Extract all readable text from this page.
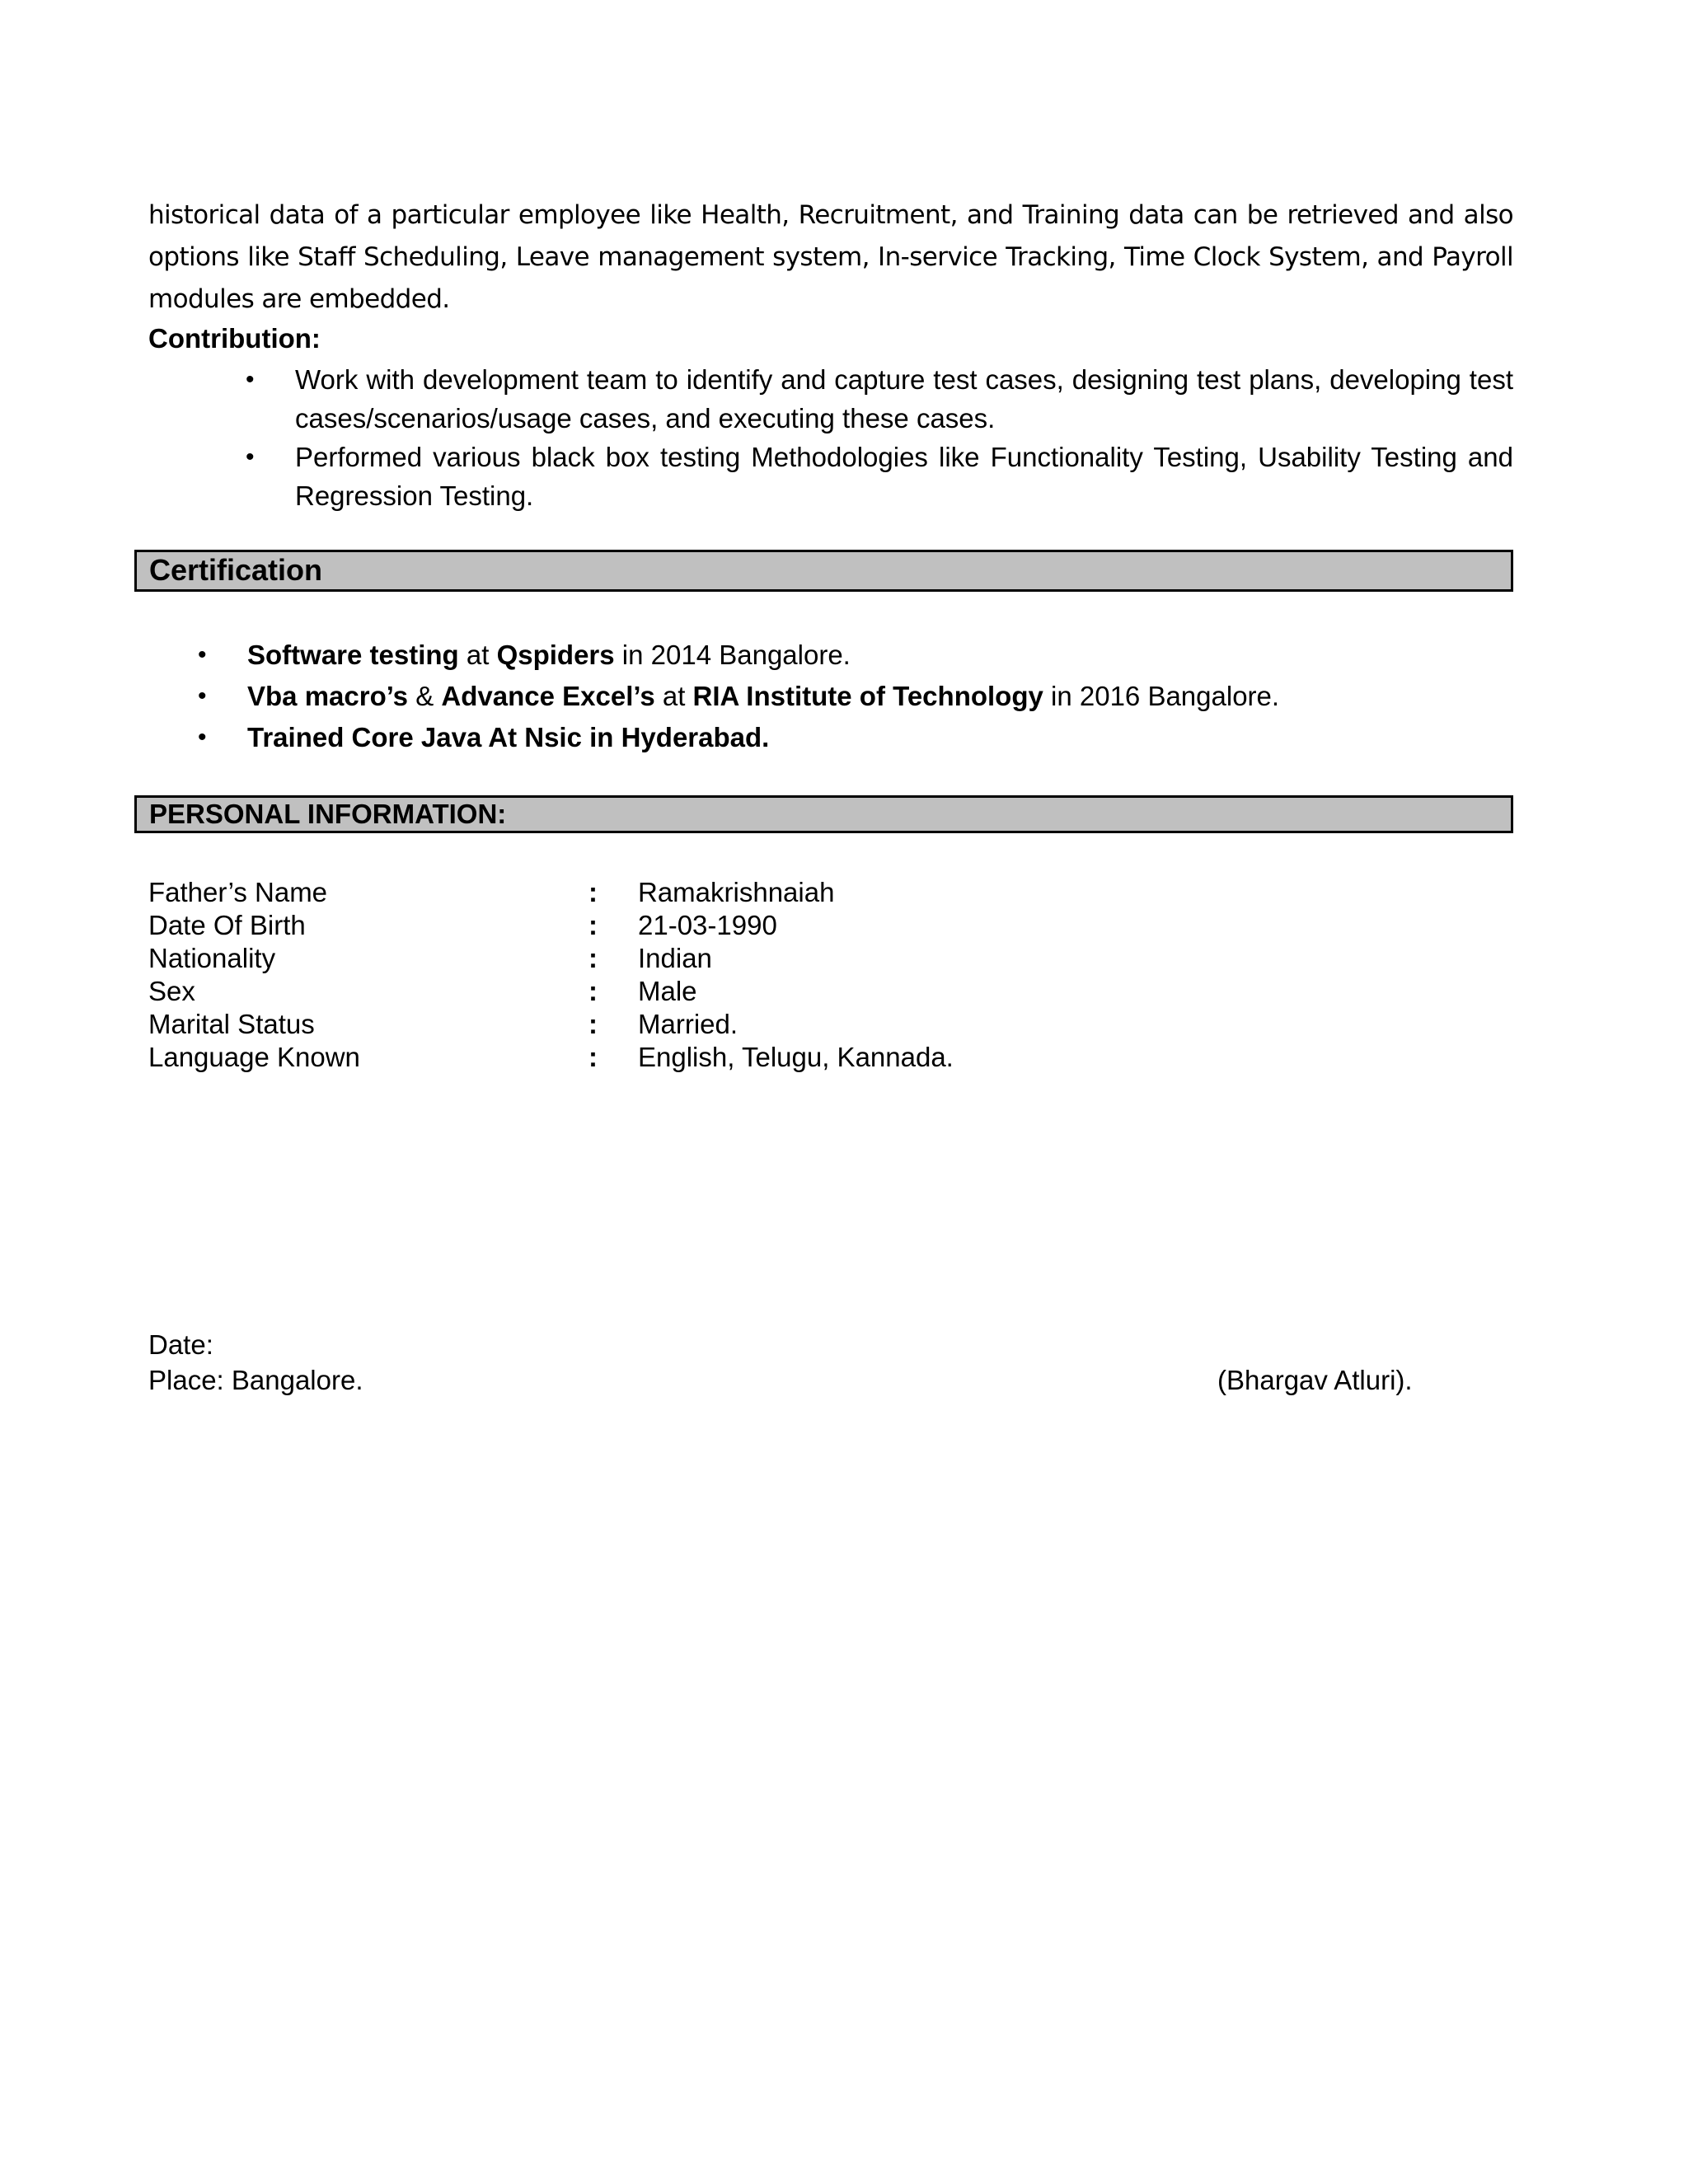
historical data of a particular employee like Health, Recruitment, and Training data can be retrieved and also options like Staff Scheduling, Leave management system, In-service Tracking, Time Clock System, and Payroll modules are embedded.
Contribution:
• Work with development team to identify and capture test cases, designing test plans, developing test cases/scenarios/usage cases, and executing these cases.
• Performed various black box testing Methodologies like Functionality Testing, Usability Testing and Regression Testing.
Certification
• Software testing at Qspiders in 2014 Bangalore.
• Vba macro’s & Advance Excel’s at RIA Institute of Technology in 2016 Bangalore.
• Trained Core Java At Nsic in Hyderabad.
PERSONAL INFORMATION:
Father’s Name	: Ramakrishnaiah
Date Of Birth	: 21-03-1990
Nationality	: Indian
Sex	: Male
Marital Status	: Married.
Language Known	: English, Telugu, Kannada.
Date:
Place: Bangalore.	(Bhargav Atluri).
